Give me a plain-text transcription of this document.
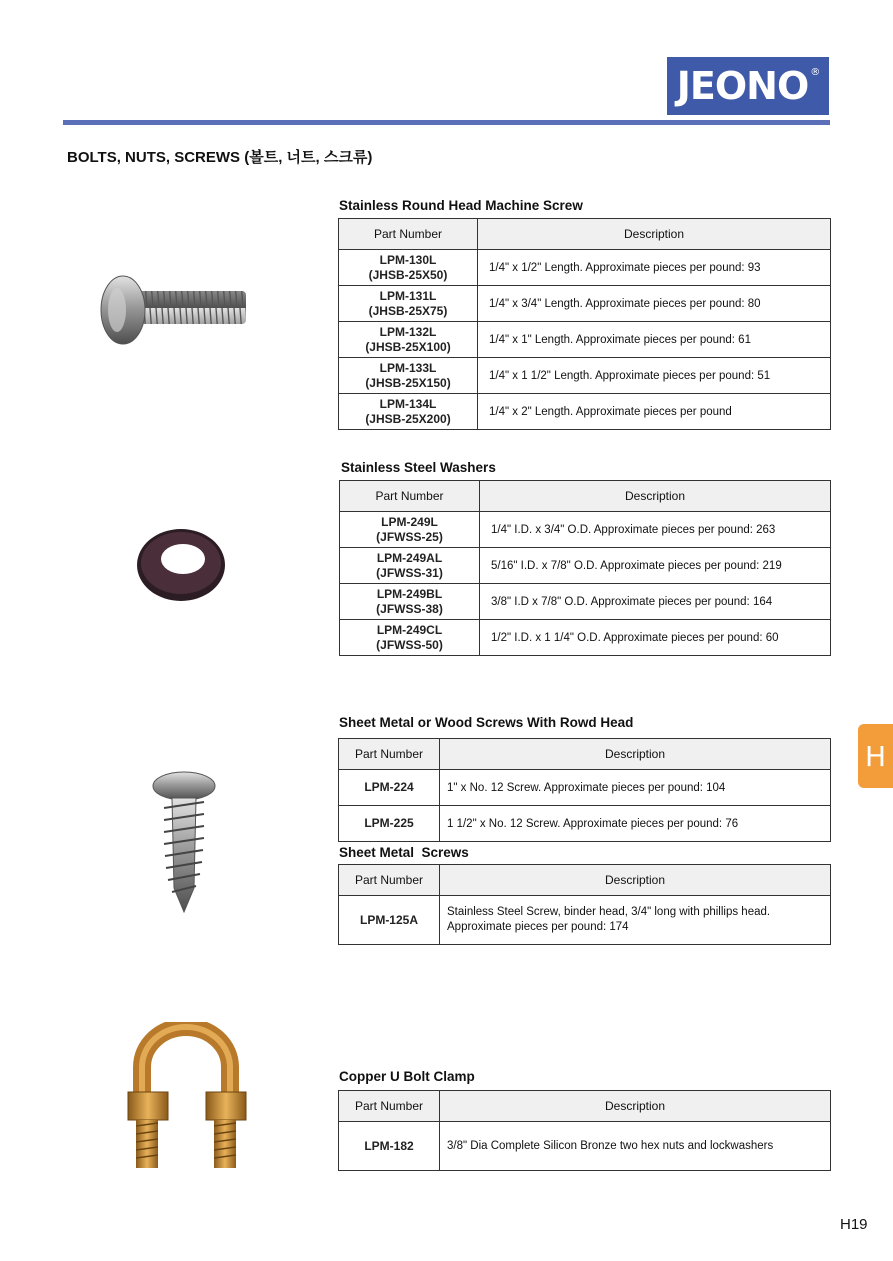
JEONO ®
BOLTS, NUTS, SCREWS (볼트, 너트, 스크류)
Stainless Round Head Machine Screw
Part Number	Description
LPM-130L
(JHSB-25X50)	1/4" x 1/2" Length. Approximate pieces per pound: 93
LPM-131L
(JHSB-25X75)	1/4" x 3/4" Length. Approximate pieces per pound: 80
LPM-132L
(JHSB-25X100)	1/4" x 1" Length. Approximate pieces per pound: 61
LPM-133L
(JHSB-25X150)	1/4" x 1 1/2" Length. Approximate pieces per pound: 51
LPM-134L
(JHSB-25X200)	1/4" x 2" Length. Approximate pieces per pound
Stainless Steel Washers
Part Number	Description
LPM-249L
(JFWSS-25)	1/4" I.D. x 3/4" O.D. Approximate pieces per pound: 263
LPM-249AL
(JFWSS-31)	5/16" I.D. x 7/8" O.D. Approximate pieces per pound: 219
LPM-249BL
(JFWSS-38)	3/8" I.D x 7/8" O.D. Approximate pieces per pound: 164
LPM-249CL
(JFWSS-50)	1/2" I.D. x 1 1/4" O.D. Approximate pieces per pound: 60
Sheet Metal or Wood Screws With Rowd Head
Part Number	Description
LPM-224	1" x No. 12 Screw. Approximate pieces per pound: 104
LPM-225	1 1/2" x No. 12 Screw. Approximate pieces per pound: 76
Sheet Metal  Screws
Part Number	Description
LPM-125A	Stainless Steel Screw, binder head, 3/4" long with phillips head.
Approximate pieces per pound: 174
Copper U Bolt Clamp
Part Number	Description
LPM-182	3/8" Dia Complete Silicon Bronze two hex nuts and lockwashers
H
H19
